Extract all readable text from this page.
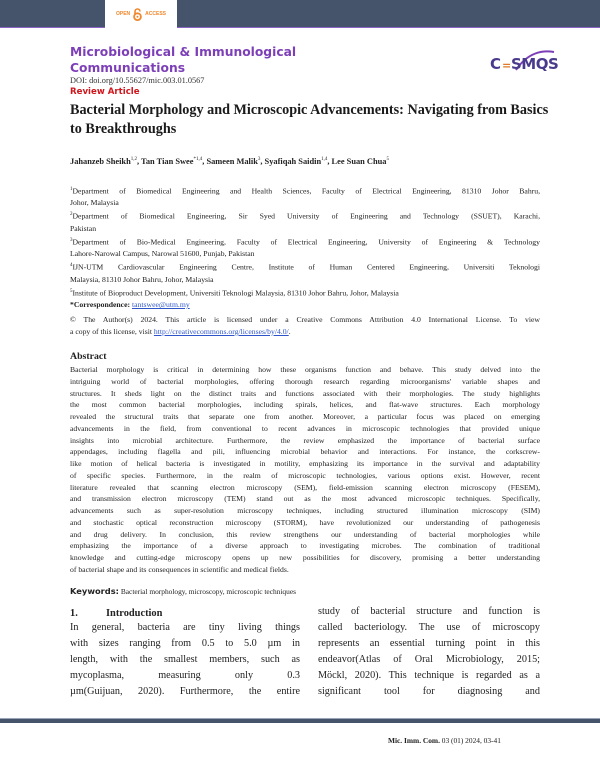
OPEN	ACCESS
Microbiological & Immunological
Communications	C = SMQS
DOI: doi.org/10.55627/mic.003.01.0567
Review Article
Bacterial Morphology and Microscopic Advancements: Navigating from Basics to Breakthroughs
Jahanzeb Sheikh$^{1,2}$, Tan Tian Swee$^{*1,4}$, Sameen Malik$^3$, Syafiqah Saidin$^{1,4}$, Lee Suan Chua$^5$
$^1$Department of Biomedical Engineering and Health Sciences, Faculty of Electrical Engineering, 81310 Johor Bahru,
Johor, Malaysia
$^2$Department of Biomedical Engineering, Sir Syed University of Engineering and Technology (SSUET), Karachi,
Pakistan
$^3$Department of Bio-Medical Engineering, Faculty of Electrical Engineering, University of Engineering & Technology
Lahore-Narowal Campus, Narowal 51600, Punjab, Pakistan
$^4$IJN-UTM Cardiovascular Engineering Centre, Institute of Human Centered Engineering, Universiti Teknologi
Malaysia, 81310 Johor Bahru, Johor, Malaysia
$^5$Institute of Bioproduct Development, Universiti Teknologi Malaysia, 81310 Johor Bahru, Johor, Malaysia
*Correspondence: tantswee@utm.my
© The Author(s) 2024. This article is licensed under a Creative Commons Attribution 4.0 International License. To view
a copy of this license, visit http://creativecommons.org/licenses/by/4.0/.
Abstract
Bacterial morphology is critical in determining how these organisms function and behave. This study delved into the
intriguing world of bacterial morphologies, offering thorough research regarding microorganisms' variable shapes and
structures. It sheds light on the distinct traits and functions associated with their morphologies. The study highlights
the most common bacterial morphologies, including spirals, helices, and flat-wave structures. Each morphology
revealed the structural traits that separate one from another. Moreover, a particular focus was placed on emerging
advancements in the field, from conventional to recent advances in microscopic technologies that provided unique
insights into microbial architecture. Furthermore, the review emphasized the importance of bacterial surface
appendages, including flagella and pili, influencing microbial behavior and interactions. For instance, the corkscrew-
like motion of helical bacteria is investigated in motility, emphasizing its importance in the survival and adaptability
of specific species. Furthermore, in the realm of microscopic technologies, various options exist. However, recent
literature revealed that scanning electron microscopy (SEM), field-emission scanning electron microscopy (FESEM),
and transmission electron microscopy (TEM) stand out as the most advanced microscopic techniques. Specifically,
advancements such as super-resolution microscopy techniques, including structured illumination microscopy (SIM)
and stochastic optical reconstruction microscopy (STORM), have revolutionized our understanding of pathogenesis
and drug delivery. In conclusion, this review strengthens our understanding of bacterial morphologies while
emphasizing the importance of a diverse approach to investigating microbes. The combination of traditional
knowledge and cutting-edge microscopy opens up new possibilities for discovery, promising a better understanding
of bacterial shape and its consequences in scientific and medical fields.
Keywords: Bacterial morphology, microscopy, microscopic techniques
1.	Introduction
In general, bacteria are tiny living things
with sizes ranging from 0.5 to 5.0 µm in
length, with the smallest members, such as
mycoplasma, measuring only 0.3
µm(Guijuan, 2020). Furthermore, the entire
study of bacterial structure and function is
called bacteriology. The use of microscopy
represents an essential turning point in this
endeavor(Atlas of Oral Microbiology, 2015;
Möckl, 2020). This technique is regarded as a
significant tool for diagnosing and
Mic. Imm. Com. 03 (01) 2024, 03-41
